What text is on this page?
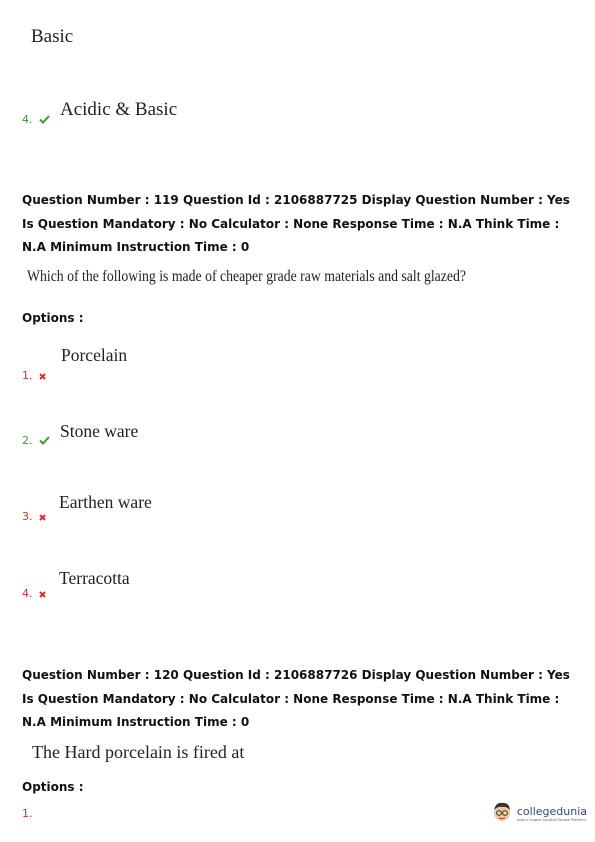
Basic
Acidic & Basic
4.
Question Number : 119 Question Id : 2106887725 Display Question Number : Yes Is Question Mandatory : No Calculator : None Response Time : N.A Think Time : N.A Minimum Instruction Time : 0
Which of the following is made of cheaper grade raw materials and salt glazed?
Options :
Porcelain
1.
Stone ware
2.
Earthen ware
3.
Terracotta
4.
Question Number : 120 Question Id : 2106887726 Display Question Number : Yes Is Question Mandatory : No Calculator : None Response Time : N.A Think Time : N.A Minimum Instruction Time : 0
The Hard porcelain is fired at
Options :
1.	collegedunia
India's largest Student Review Platform
